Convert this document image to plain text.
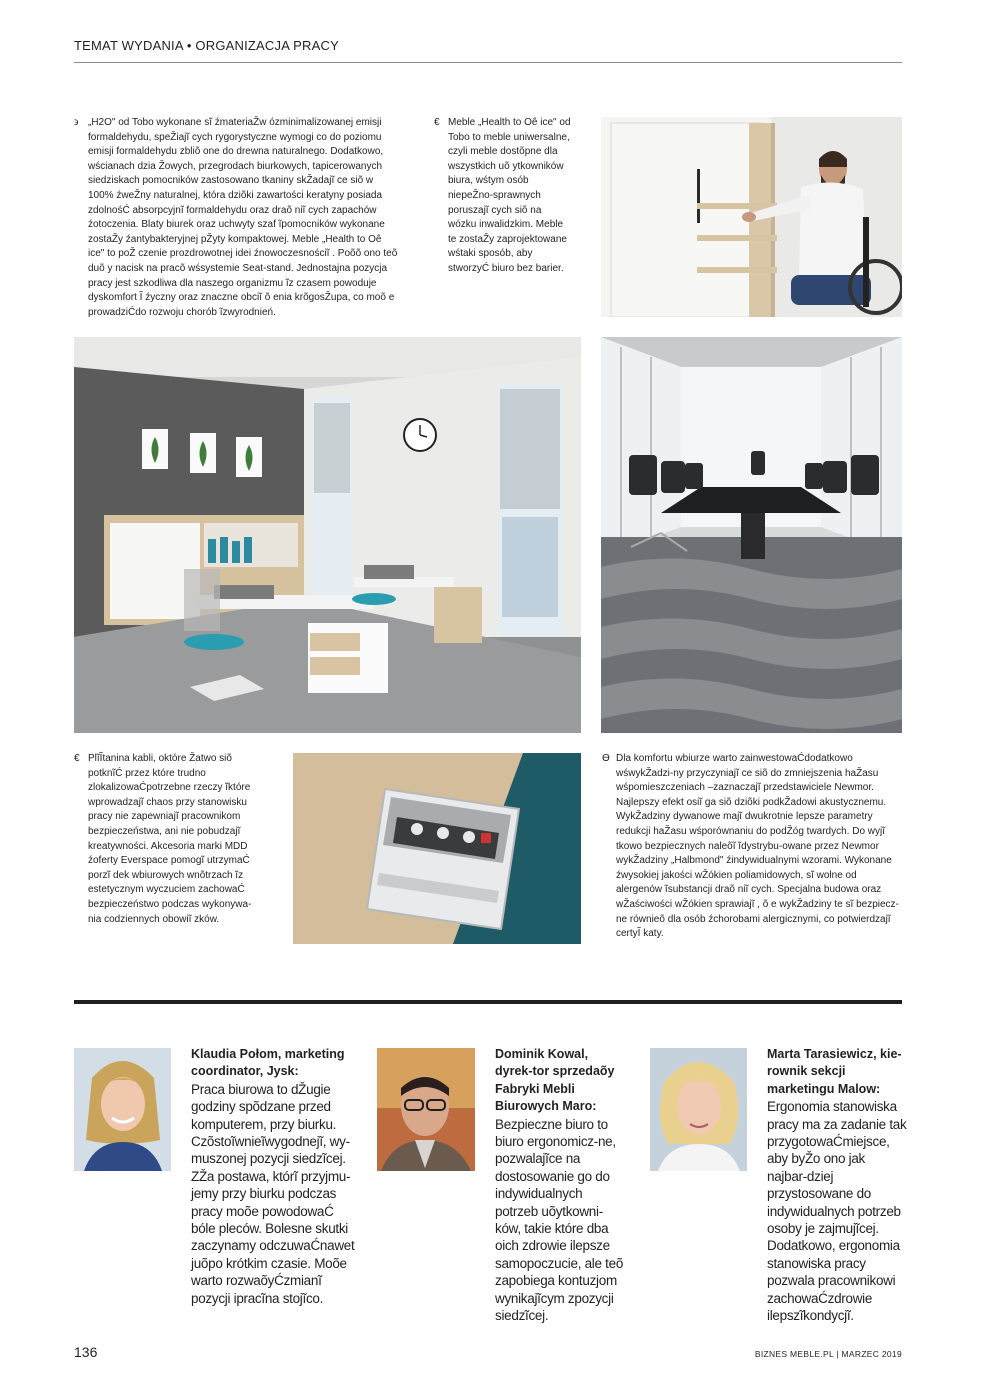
TEMAT WYDANIA • ORGANIZACJA PRACY
϶ „H2O" od Tobo wykonane sĩ źmateriaŽw ózminimalizowanej emisji formaldehydu, speŽiajĩ cych rygorystyczne wymogi co do poziomu emisji formaldehydu zbliõ one do drewna naturalnego. Dodatkowo, wścianach dzia Žowych, przegrodach biurkowych, tapicerowanych siedziskach pomocników zastosowano tkaniny skŽadajĩ ce siõ w 100% źweŽny naturalnej, która dziõki zawartości keratyny posiada zdolnośĆ absorpcyjnĩ formaldehydu oraz draõ niĩ cych zapachów źotoczenia. Blaty biurek oraz uchwyty szaf ĩpomocników wykonane zostaŽy źantybakteryjnej pŽyty kompaktowej. Meble „Health to Oê ice" to poŽ czenie prozdrowotnej idei źnowoczesnościĩ . Poõõ ono teõ duõ y nacisk na pracõ wśsystemie Seat-stand. Jednostajna pozycja pracy jest szkodliwa dla naszego organizmu ĩz czasem powoduje dyskomfort Ĩ źyczny oraz znaczne obciĩ õ enia krõgosŽupa, co moõ e prowadziĆdo rozwoju chorób ĩzwyrodnień.
€ Meble „Health to Oê ice" od Tobo to meble uniwersalne, czyli meble dostõpne dla wszystkich uõ ytkowników biura, wśtym osób niepeŽno-sprawnych poruszajĩ cych siõ na wózku inwalidzkim. Meble te zostaŽy zaprojektowane wśtaki sposób, aby stworzyĆ biuro bez barier.
€ PlĩĨtanina kabli, októre Žatwo siõ potknĩĆ przez które trudno zlokalizowaĆpotrzebne rzeczy ĩktóre wprowadzajĩ chaos przy stanowisku pracy nie zapewniajĩ pracownikom bezpieczeństwa, ani nie pobudzajĩ kreatywności. Akcesoria marki MDD źoferty Everspace pomogĩ utrzymaĆ porzĩ dek wbiurowych wnõtrzach ĩz estetycznym wyczuciem zachowaĆ bezpieczeństwo podczas wykonywa-nia codziennych obowiĩ zków.
ϴ Dla komfortu wbiurze warto zainwestowaĆdodatkowo wśwykŽadzi-ny przyczyniajĩ ce siõ do zmniejszenia haŽasu wśpomieszczeniach –zaznaczajĩ przedstawiciele Newmor. Najlepszy efekt osiĩ ga siõ dziõki podkŽadowi akustycznemu. WykŽadziny dywanowe majĩ dwukrotnie lepsze parametry redukcji haŽasu wśporównaniu do podŽóg twardych. Do wyjĩ tkowo bezpiecznych naleõĩ ĩdystrybu-owane przez Newmor wykŽadziny „Halbmond" źindywidualnymi wzorami. Wykonane źwysokiej jakości wŽókien poliamidowych, sĩ wolne od alergenów ĩsubstancji draõ niĩ cych. Specjalna budowa oraz wŽaściwości wŽókien sprawiajĩ , õ e wykŽadziny te sĩ bezpiecz-ne równieõ dla osób źchorobami alergicznymi, co potwierdzajĩ certyĨ katy.
Klaudia Połom, marketing coordinator, Jysk:
Praca biurowa to dŽugie godziny spõdzane przed komputerem, przy biurku. Czõstoĩwnieĩwygodnejĩ, wy-muszonej pozycji siedzĩcej. ZŽa postawa, którĩ przyjmu-jemy przy biurku podczas pracy moõe powodowaĆ bóle pleców. Bolesne skutki zaczynamy odczuwaĆnawet juõpo krótkim czasie. Moõe warto rozwaõyĆzmianĩ pozycji ipracĩna stojĩco.
Dominik Kowal, dyrek-tor sprzedaõy Fabryki Mebli Biurowych Maro:
Bezpieczne biuro to biuro ergonomicz-ne, pozwalajĩce na dostosowanie go do indywidualnych potrzeb uõytkowni-ków, takie które dba oich zdrowie ilepsze samopoczucie, ale teõ zapobiega kontuzjom wynikajĩcym zpozycji siedzĩcej.
Marta Tarasiewicz, kie-rownik sekcji marketingu Malow:
Ergonomia stanowiska pracy ma za zadanie tak przygotowaĆmiejsce, aby byŽo ono jak najbar-dziej przystosowane do indywidualnych potrzeb osoby je zajmujĩcej. Dodatkowo, ergonomia stanowiska pracy pozwala pracownikowi zachowaĆzdrowie ilepszĩkondycjĩ.
136	BIZNES MEBLE.PL | MARZEC 2019
